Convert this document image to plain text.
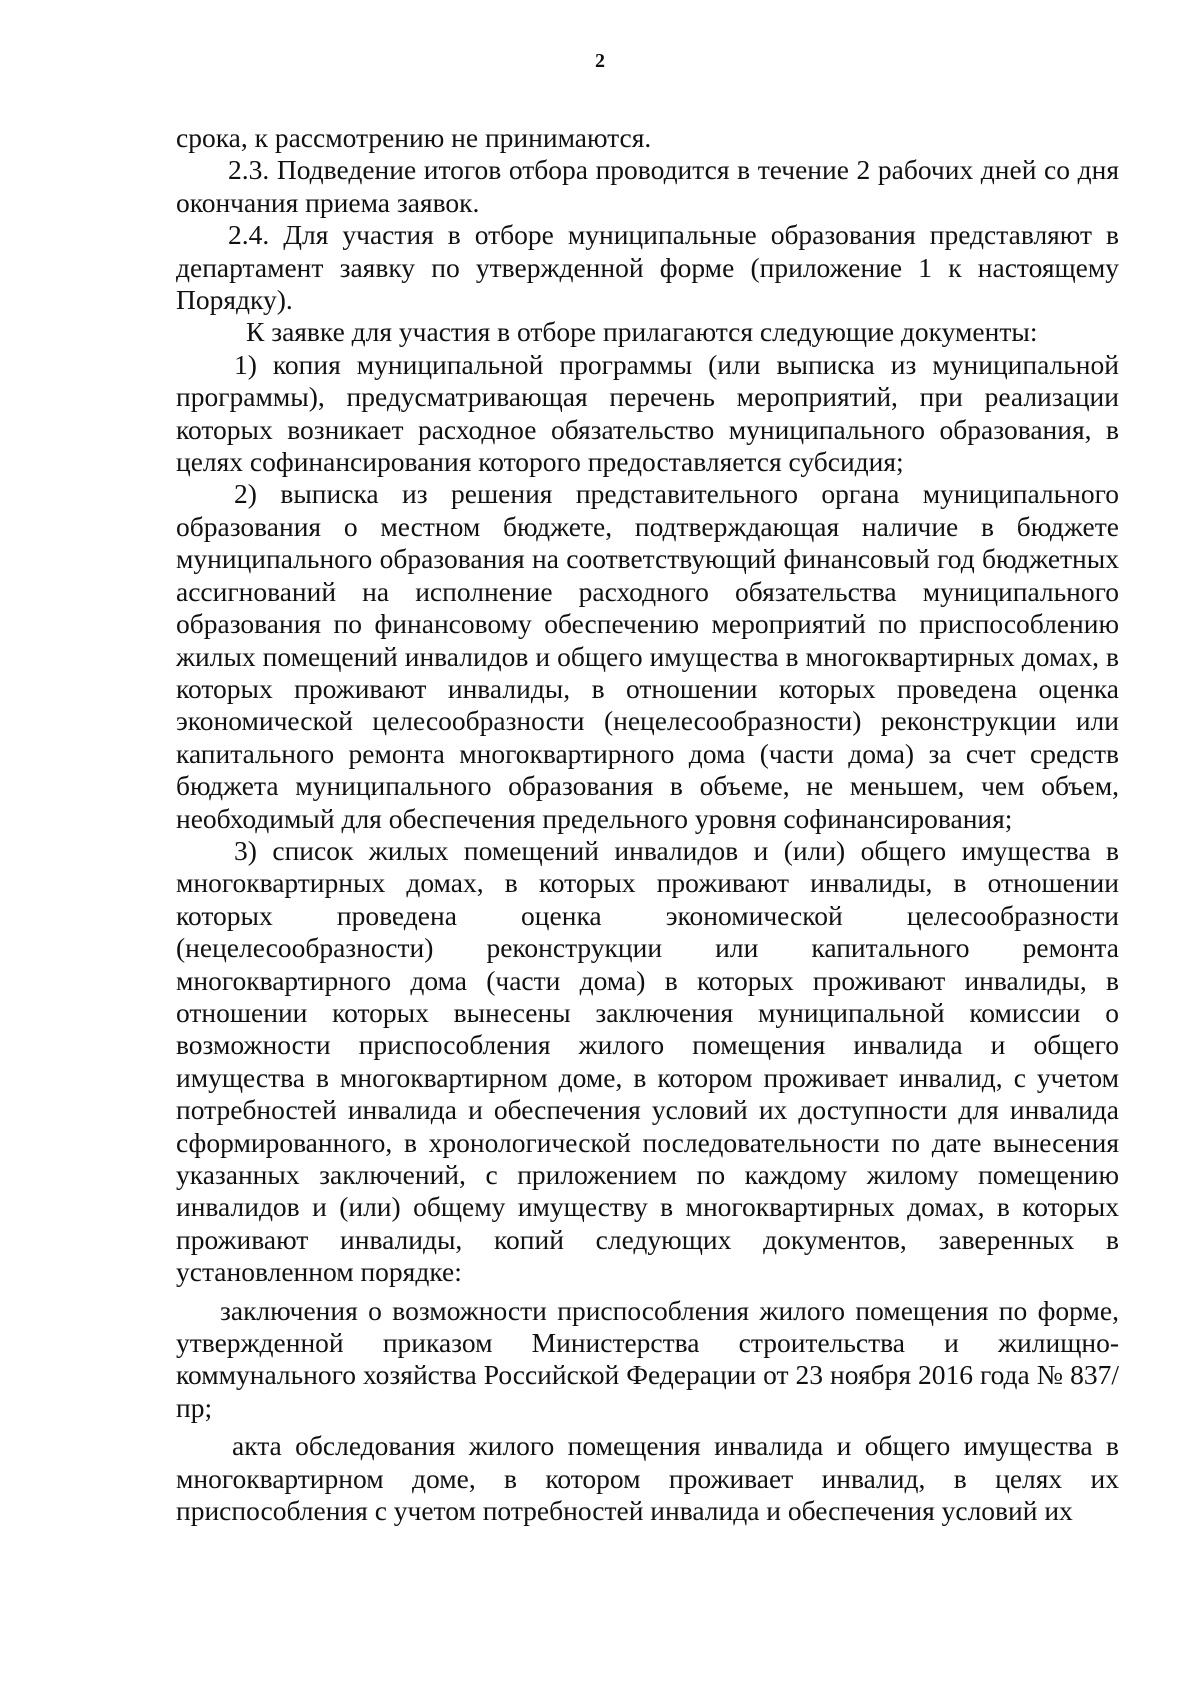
2

срока, к рассмотрению не принимаются.

2.3. Подведение итогов отбора проводится в течение 2 рабочих дней со дня окончания приема заявок.

2.4. Для участия в отборе муниципальные образования представляют в департамент заявку по утвержденной форме (приложение 1 к настоящему Порядку).

К заявке для участия в отборе прилагаются следующие документы:

1) копия муниципальной программы (или выписка из муниципальной программы), предусматривающая перечень мероприятий, при реализации которых возникает расходное обязательство муниципального образования, в целях софинансирования которого предоставляется субсидия;

2) выписка из решения представительного органа муниципального образования о местном бюджете, подтверждающая наличие в бюджете муниципального образования на соответствующий финансовый год бюджетных ассигнований на исполнение расходного обязательства муниципального образования по финансовому обеспечению мероприятий по приспособлению жилых помещений инвалидов и общего имущества в многоквартирных домах, в которых проживают инвалиды, в отношении которых проведена оценка экономической целесообразности (нецелесообразности) реконструкции или капитального ремонта многоквартирного дома (части дома) за счет средств бюджета муниципального образования в объеме, не меньшем, чем объем, необходимый для обеспечения предельного уровня софинансирования;

3) список жилых помещений инвалидов и (или) общего имущества в многоквартирных домах, в которых проживают инвалиды, в отношении которых проведена оценка экономической целесообразности (нецелесообразности) реконструкции или капитального ремонта многоквартирного дома (части дома) в которых проживают инвалиды, в отношении которых вынесены заключения муниципальной комиссии о возможности приспособления жилого помещения инвалида и общего имущества в многоквартирном доме, в котором проживает инвалид, с учетом потребностей инвалида и обеспечения условий их доступности для инвалида сформированного, в хронологической последовательности по дате вынесения указанных заключений, с приложением по каждому жилому помещению инвалидов и (или) общему имуществу в многоквартирных домах, в которых проживают инвалиды, копий следующих документов, заверенных в установленном порядке:

заключения о возможности приспособления жилого помещения по форме, утвержденной приказом Министерства строительства и жилищно-коммунального хозяйства Российской Федерации от 23 ноября 2016 года № 837/пр;

акта обследования жилого помещения инвалида и общего имущества в многоквартирном доме, в котором проживает инвалид, в целях их приспособления с учетом потребностей инвалида и обеспечения условий их
